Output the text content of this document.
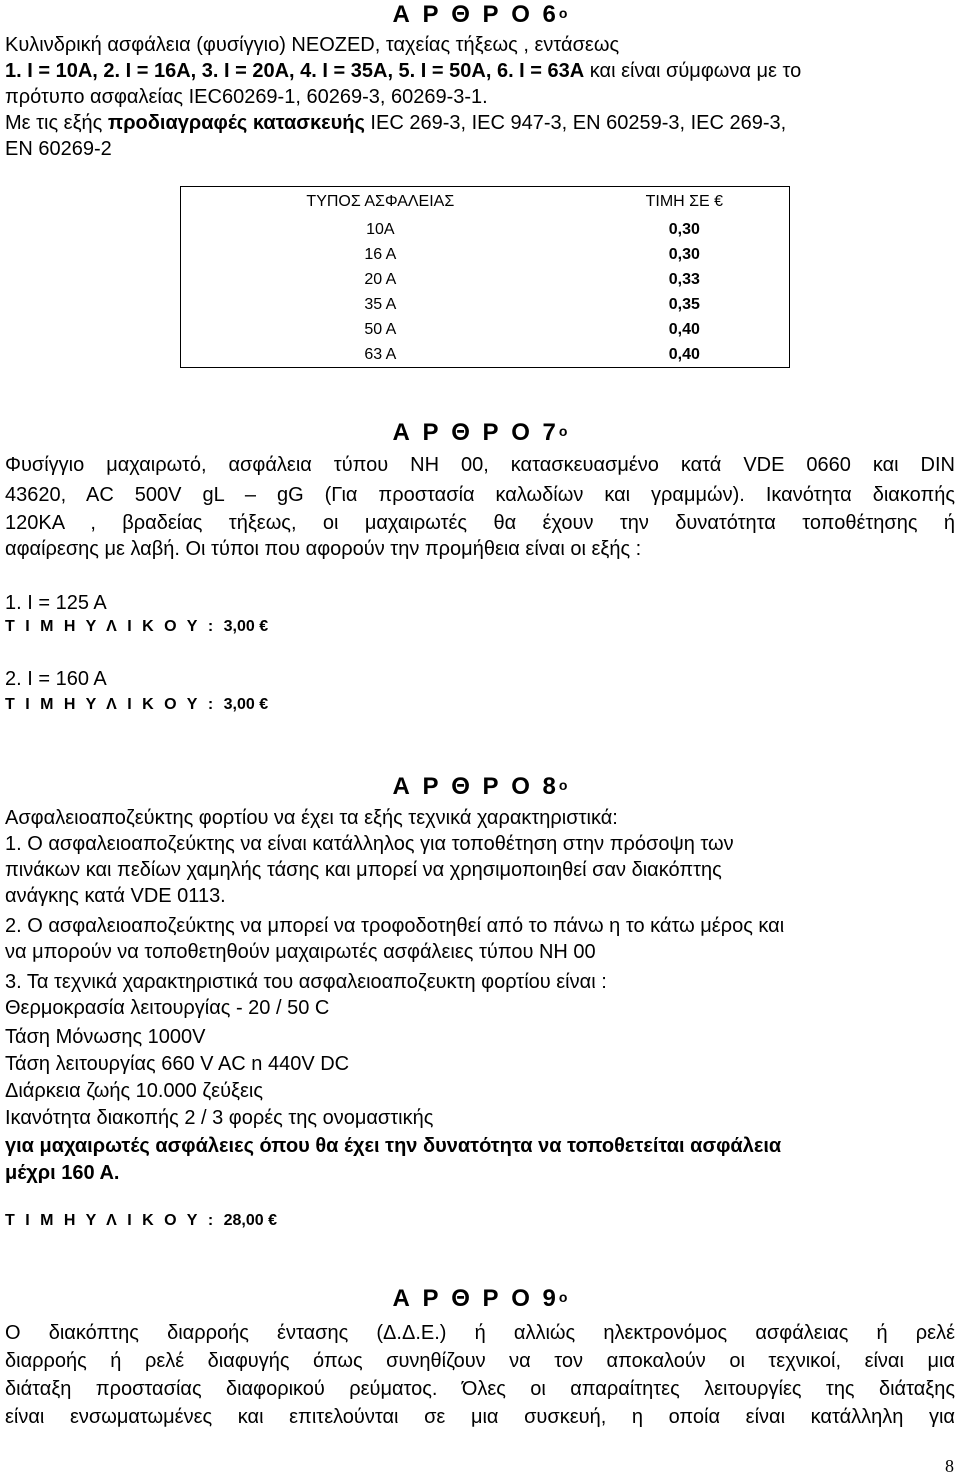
Α Ρ Θ Ρ Ο $6^o$
Κυλινδρική ασφάλεια (φυσίγγιο) NEOZED, ταχείας τήξεως , εντάσεως
1. I = 10A, 2. I = 16A, 3. I = 20A, 4. I = 35A, 5. I = 50A, 6. I = 63A και είναι σύμφωνα με το
πρότυπο ασφαλείας IEC60269-1, 60269-3, 60269-3-1.
Με τις εξής προδιαγραφές κατασκευής IEC 269-3, IEC 947-3, EN 60259-3, IEC 269-3,
EN 60269-2
ΤΥΠΟΣ ΑΣΦΑΛΕΙΑΣ	ΤΙΜΗ ΣΕ €
10A	0,30
16 A	0,30
20 A	0,33
35 A	0,35
50 A	0,40
63 A	0,40
Α Ρ Θ Ρ Ο $7^o$
Φυσίγγιο μαχαιρωτό, ασφάλεια τύπου NH 00, κατασκευασμένο κατά VDE 0660 και DIN
43620, AC 500V gL – gG (Για προστασία καλωδίων και γραμμών). Ικανότητα διακοπής
120KA , βραδείας τήξεως, οι μαχαιρωτές θα έχουν την δυνατότητα τοποθέτησης ή
αφαίρεσης με λαβή. Οι τύποι που αφορούν την προμήθεια είναι οι εξής :
1. I = 125 A
Τ Ι Μ Η Υ Λ Ι Κ Ο Υ : 3,00 €
2. I = 160 A
Τ Ι Μ Η Υ Λ Ι Κ Ο Υ : 3,00 €
Α Ρ Θ Ρ Ο $8^o$
Ασφαλειοαποζεύκτης φορτίου να έχει τα εξής τεχνικά χαρακτηριστικά:
1. Ο ασφαλειοαποζεύκτης να είναι κατάλληλος για τοποθέτηση στην πρόσοψη των
πινάκων και πεδίων χαμηλής τάσης και μπορεί να χρησιμοποιηθεί σαν διακόπτης
ανάγκης κατά VDE 0113.
2. Ο ασφαλειοαποζεύκτης να μπορεί να τροφοδοτηθεί από το πάνω η το κάτω μέρος και
να μπορούν να τοποθετηθούν μαχαιρωτές ασφάλειες τύπου NH 00
3. Τα τεχνικά χαρακτηριστικά του ασφαλειοαποζευκτη φορτίου είναι :
Θερμοκρασία λειτουργίας - 20 / 50 C
Τάση Μόνωσης 1000V
Τάση λειτουργίας 660 V AC n 440V DC
Διάρκεια ζωής 10.000 ζεύξεις
Ικανότητα διακοπής 2 / 3 φορές της ονομαστικής
για μαχαιρωτές ασφάλειες όπου θα έχει την δυνατότητα να τοποθετείται ασφάλεια
μέχρι 160 Α.
Τ Ι Μ Η Υ Λ Ι Κ Ο Υ : 28,00 €
Α Ρ Θ Ρ Ο $9^o$
Ο διακόπτης διαρροής έντασης (Δ.Δ.Ε.) ή αλλιώς ηλεκτρονόμος ασφάλειας ή ρελέ
διαρροής ή ρελέ διαφυγής όπως συνηθίζουν να τον αποκαλούν οι τεχνικοί, είναι μια
διάταξη προστασίας διαφορικού ρεύματος. Όλες οι απαραίτητες λειτουργίες της διάταξης
είναι ενσωματωμένες και επιτελούνται σε μια συσκευή, η οποία είναι κατάλληλη για
8
